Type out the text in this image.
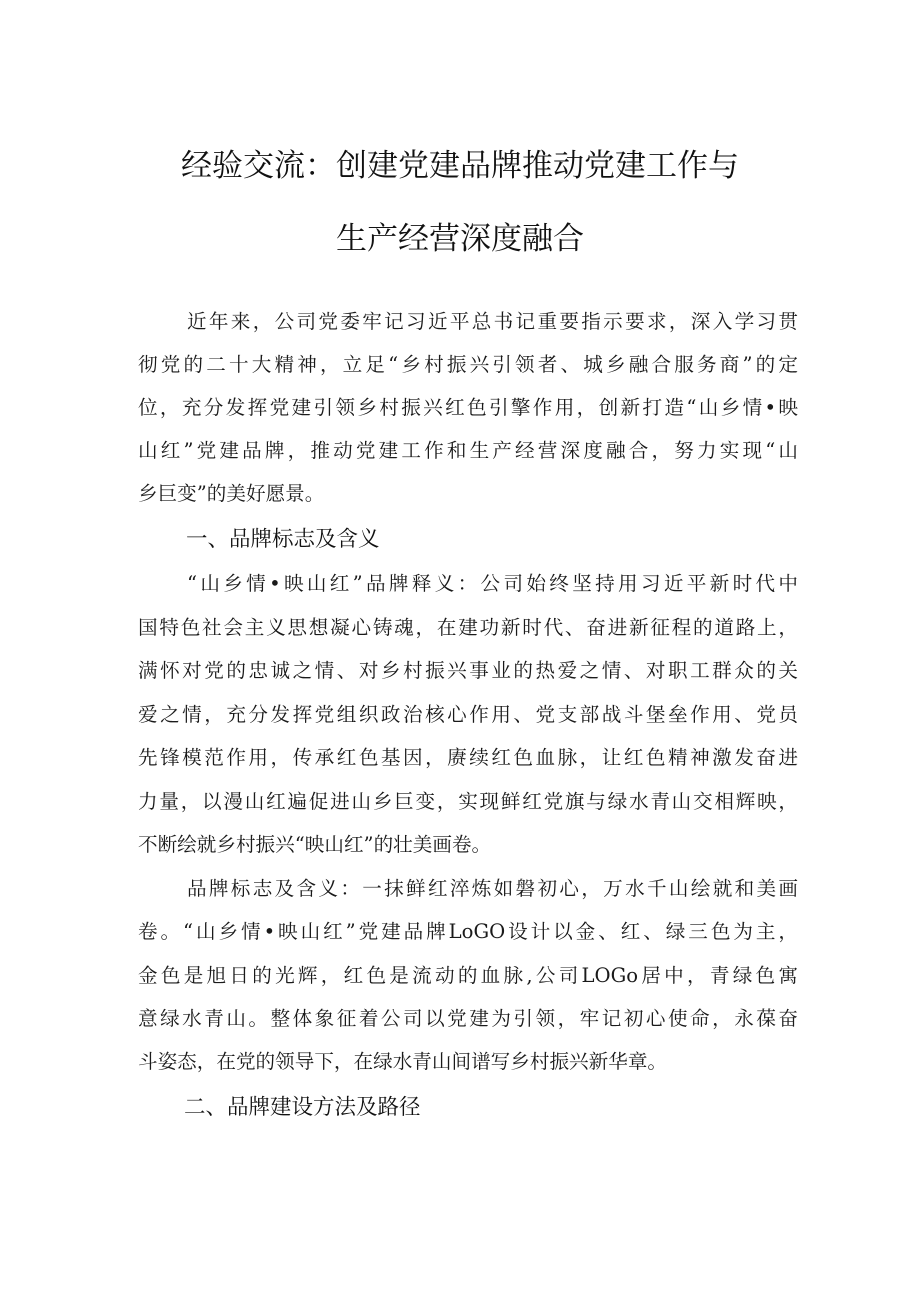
经验交流：创建党建品牌推动党建工作与
生产经营深度融合
近年来，公司党委牢记习近平总书记重要指示要求，深入学习贯
彻党的二十大精神，立足“乡村振兴引领者、城乡融合服务商”的定
位，充分发挥党建引领乡村振兴红色引擎作用，创新打造“山乡情•映
山红”党建品牌，推动党建工作和生产经营深度融合，努力实现“山
乡巨变”的美好愿景。
一、品牌标志及含义
“山乡情•映山红”品牌释义：公司始终坚持用习近平新时代中
国特色社会主义思想凝心铸魂，在建功新时代、奋进新征程的道路上，
满怀对党的忠诚之情、对乡村振兴事业的热爱之情、对职工群众的关
爱之情，充分发挥党组织政治核心作用、党支部战斗堡垒作用、党员
先锋模范作用，传承红色基因，赓续红色血脉，让红色精神激发奋进
力量，以漫山红遍促进山乡巨变，实现鲜红党旗与绿水青山交相辉映，
不断绘就乡村振兴“映山红”的壮美画卷。
品牌标志及含义：一抹鲜红淬炼如磐初心，万水千山绘就和美画
卷。“山乡情•映山红”党建品牌LoGO设计以金、红、绿三色为主，
金色是旭日的光辉，红色是流动的血脉,公司LOGo居中，青绿色寓
意绿水青山。整体象征着公司以党建为引领，牢记初心使命，永葆奋
斗姿态，在党的领导下，在绿水青山间谱写乡村振兴新华章。
二、品牌建设方法及路径
